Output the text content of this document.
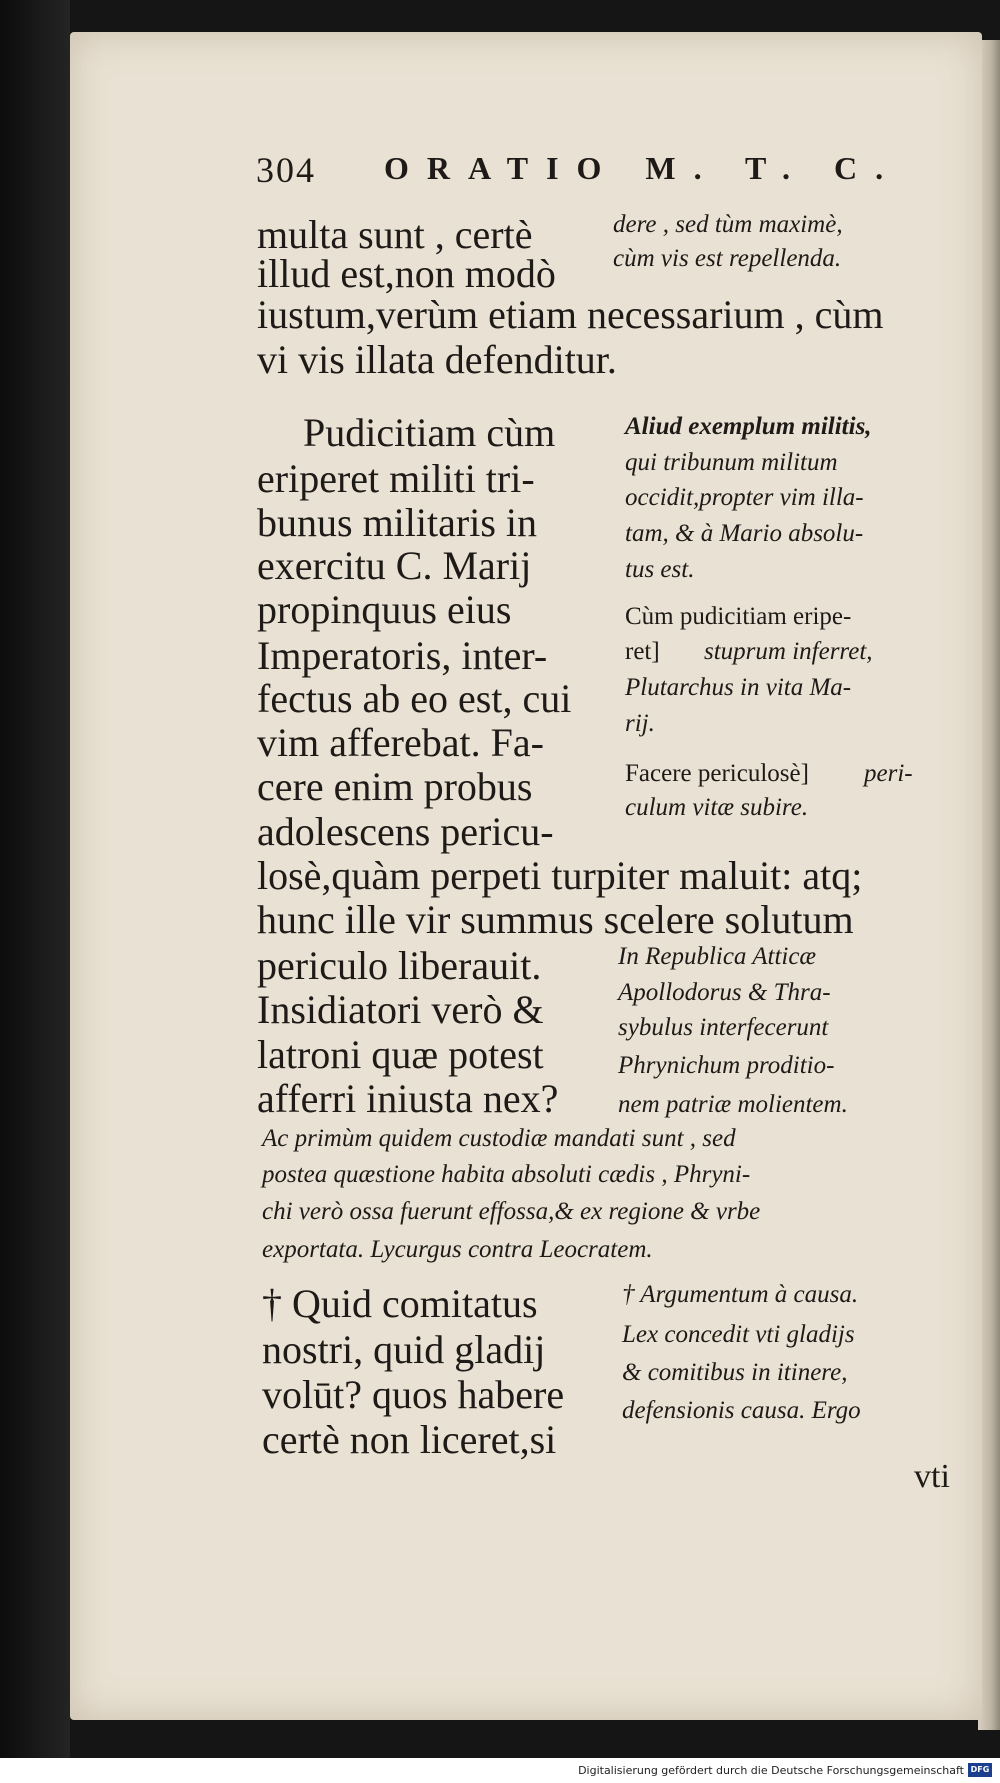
304 ORATIO M. T. C.
multa sunt , certè
illud est,non modò
iustum,verùm etiam necessarium , cùm
vi vis illata defenditur.
Pudicitiam cùm
eriperet militi tri-
bunus militaris in
exercitu C. Marij
propinquus eius
Imperatoris, inter-
fectus ab eo est, cui
vim afferebat. Fa-
cere enim probus
adolescens pericu-
losè,quàm perpeti turpiter maluit: atq;
hunc ille vir summus scelere solutum
periculo liberauit.
Insidiatori verò &
latroni quæ potest
afferri iniusta nex?
† Quid comitatus
nostri, quid gladij
volūt? quos habere
certè non liceret,si
dere , sed tùm maximè,
cùm vis est repellenda.
Aliud exemplum militis,
qui tribunum militum
occidit,propter vim illa-
tam, & à Mario absolu-
tus est.
Cùm pudicitiam eripe-
ret] stuprum inferret,
Plutarchus in vita Ma-
rij.
Facere periculosè] peri-
culum vitæ subire.
In Republica Atticæ
Apollodorus & Thra-
sybulus interfecerunt
Phrynichum proditio-
nem patriæ molientem.
Ac primùm quidem custodiæ mandati sunt , sed
postea quæstione habita absoluti cædis , Phryni-
chi verò ossa fuerunt effossa,& ex regione & vrbe
exportata. Lycurgus contra Leocratem.
† Argumentum à causa.
Lex concedit vti gladijs
& comitibus in itinere,
defensionis causa. Ergo
vti
Digitalisierung gefördert durch die Deutsche Forschungsgemeinschaft DFG
